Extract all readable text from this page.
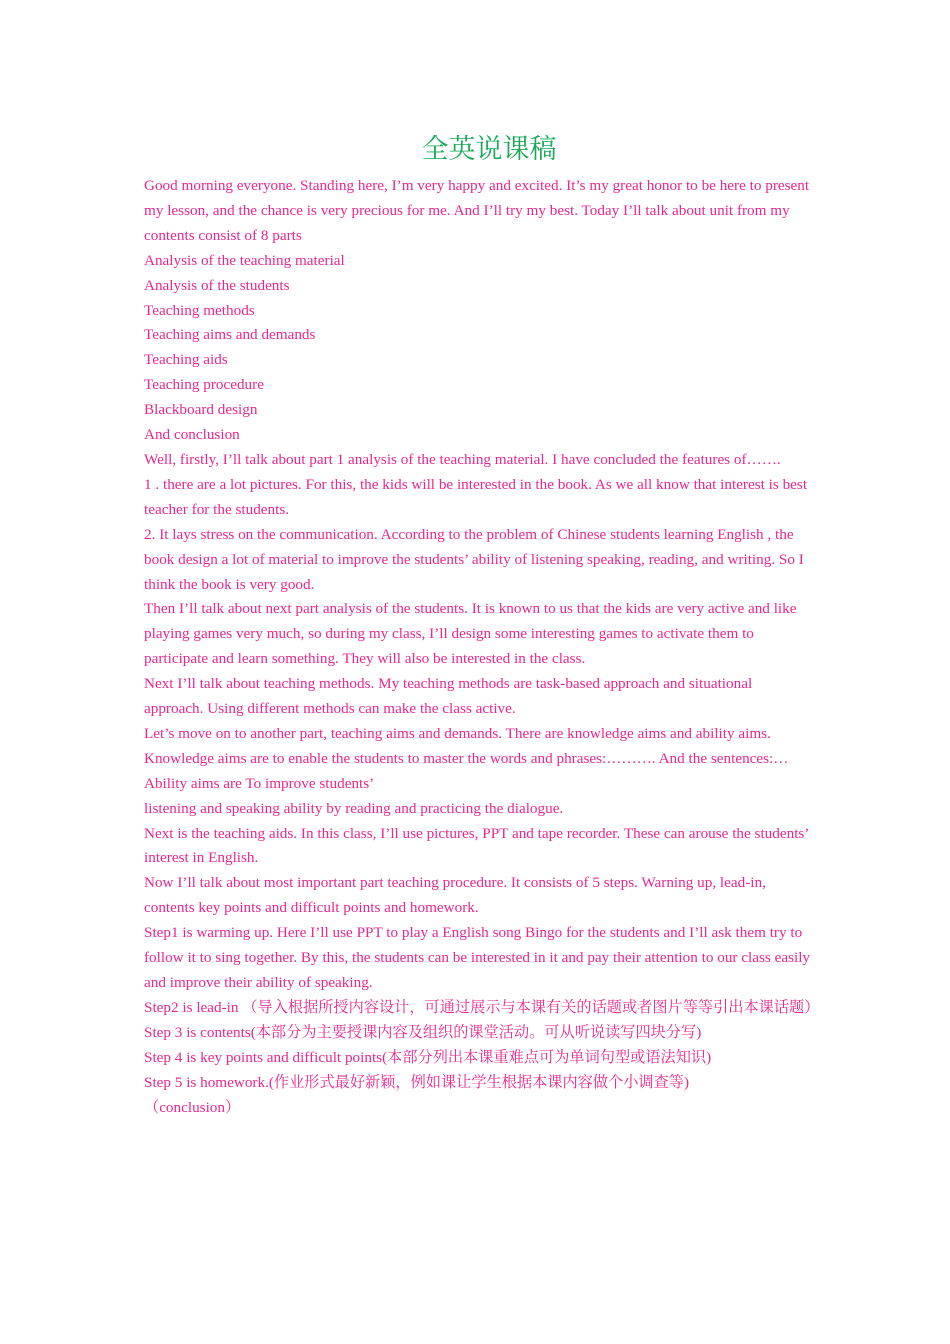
全英说课稿

Good morning everyone. Standing here, I’m very happy and excited. It’s my great honor to be here to present my lesson, and the chance is very precious for me. And I’ll try my best. Today I’ll talk about unit from my contents consist of 8 parts

Analysis of the teaching material

Analysis of the students

Teaching methods

Teaching aims and demands

Teaching aids

Teaching procedure

Blackboard design

And conclusion

Well, firstly, I’ll talk about part 1 analysis of the teaching material. I have concluded the features of…….

1 . there are a lot pictures. For this, the kids will be interested in the book. As we all know that interest is best teacher for the students.

2. It lays stress on the communication. According to the problem of Chinese students learning English , the book design a lot of material to improve the students’ ability of listening speaking, reading, and writing. So I think the book is very good.

Then I’ll talk about next part analysis of the students. It is known to us that the kids are very active and like playing games very much, so during my class, I’ll design some interesting games to activate them to participate and learn something. They will also be interested in the class.

Next I’ll talk about teaching methods. My teaching methods are task-based approach and situational approach. Using different methods can make the class active.

Let’s move on to another part, teaching aims and demands. There are knowledge aims and ability aims.

Knowledge aims are to enable the students to master the words and phrases:………. And the sentences:…

Ability aims are To improve students’

listening and speaking ability by reading and practicing the dialogue.

Next is the teaching aids. In this class, I’ll use pictures, PPT and tape recorder. These can arouse the students’ interest in English.

Now I’ll talk about most important part teaching procedure. It consists of 5 steps. Warning up, lead-in, contents key points and difficult points and homework.

Step1 is warming up. Here I’ll use PPT to play a English song Bingo for the students and I’ll ask them try to follow it to sing together. By this, the students can be interested in it and pay their attention to our class easily and improve their ability of speaking.

Step2 is lead-in （导入根据所授内容设计，可通过展示与本课有关的话题或者图片等等引出本课话题）

Step 3 is contents(本部分为主要授课内容及组织的课堂活动。可从听说读写四块分写)

Step 4 is key points and difficult points(本部分列出本课重难点可为单词句型或语法知识)

Step 5 is homework.(作业形式最好新颖，例如课让学生根据本课内容做个小调查等)

（conclusion）
